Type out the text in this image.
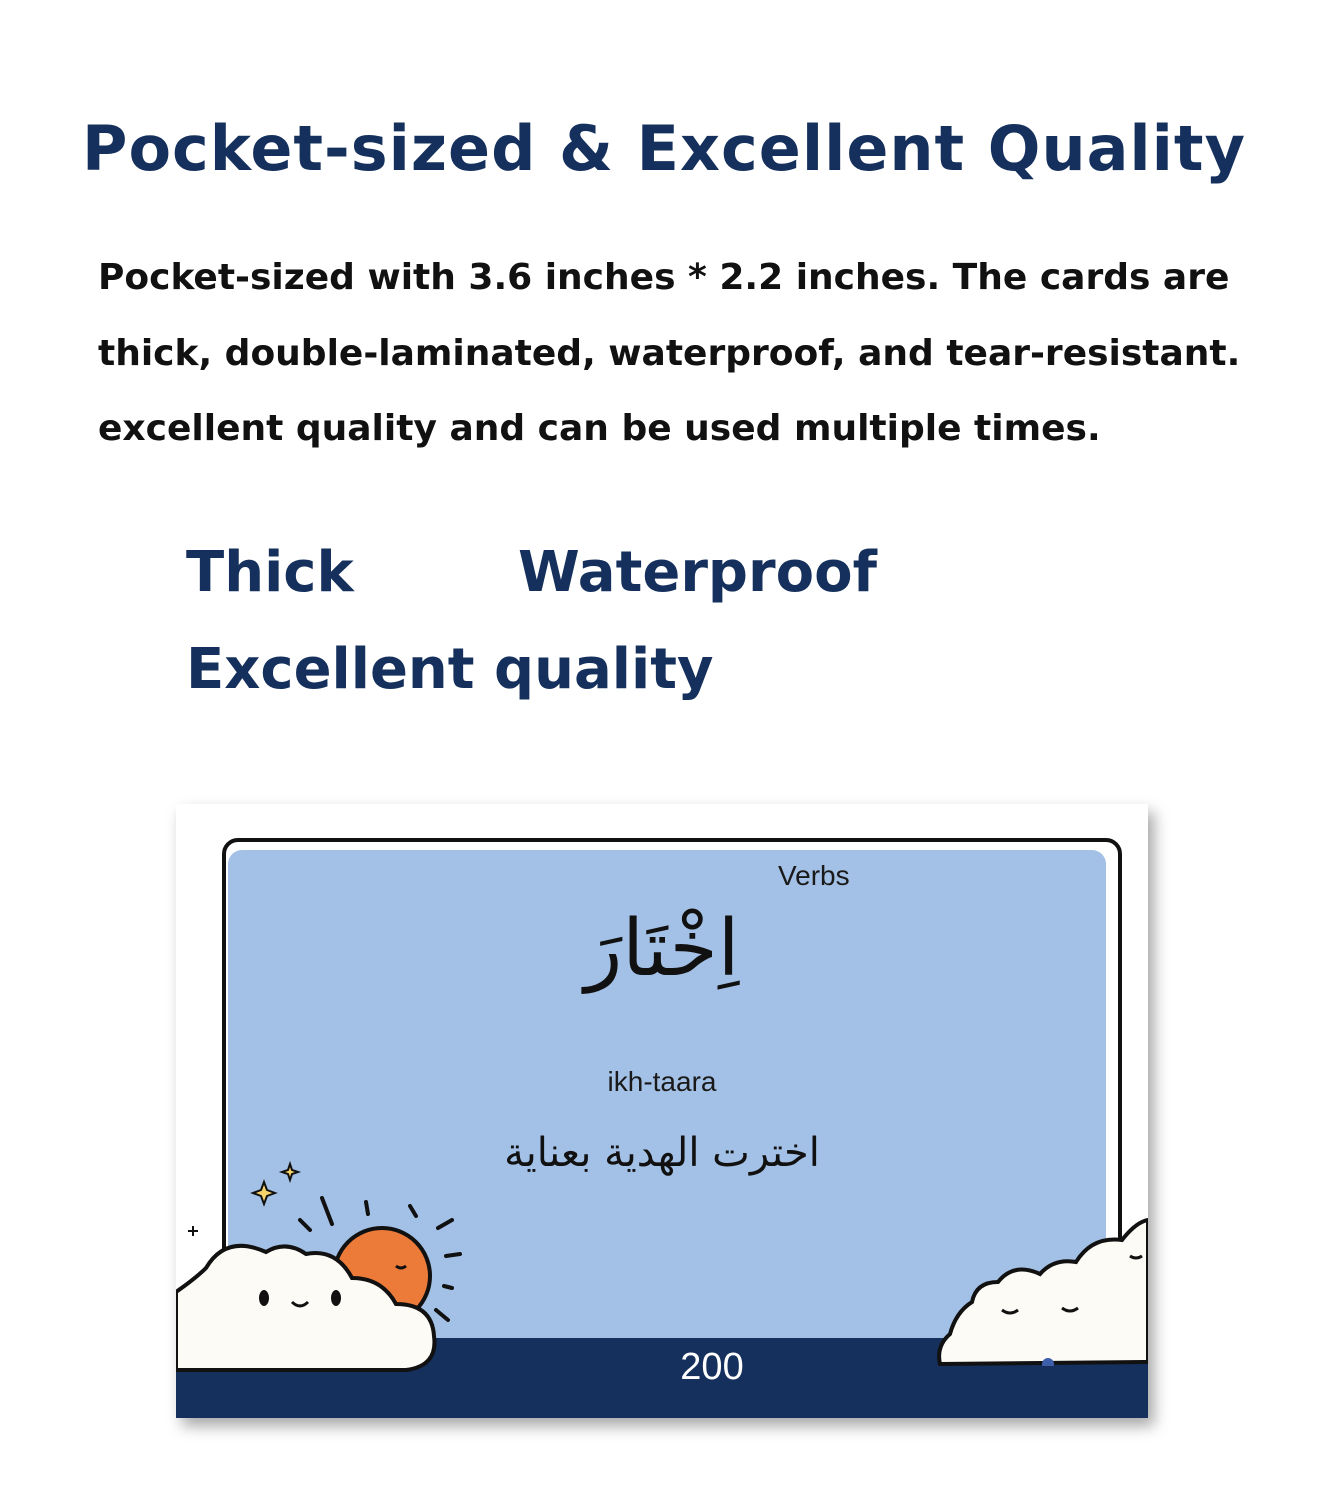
Pocket-sized & Excellent Quality

Pocket-sized with 3.6 inches * 2.2 inches. The cards are thick, double-laminated, waterproof, and tear-resistant. excellent quality and can be used multiple times.

Thick	Waterproof
Excellent quality
Verbs
اِخْتَارَ
ikh-taara
اخترت الهدية بعناية
200
